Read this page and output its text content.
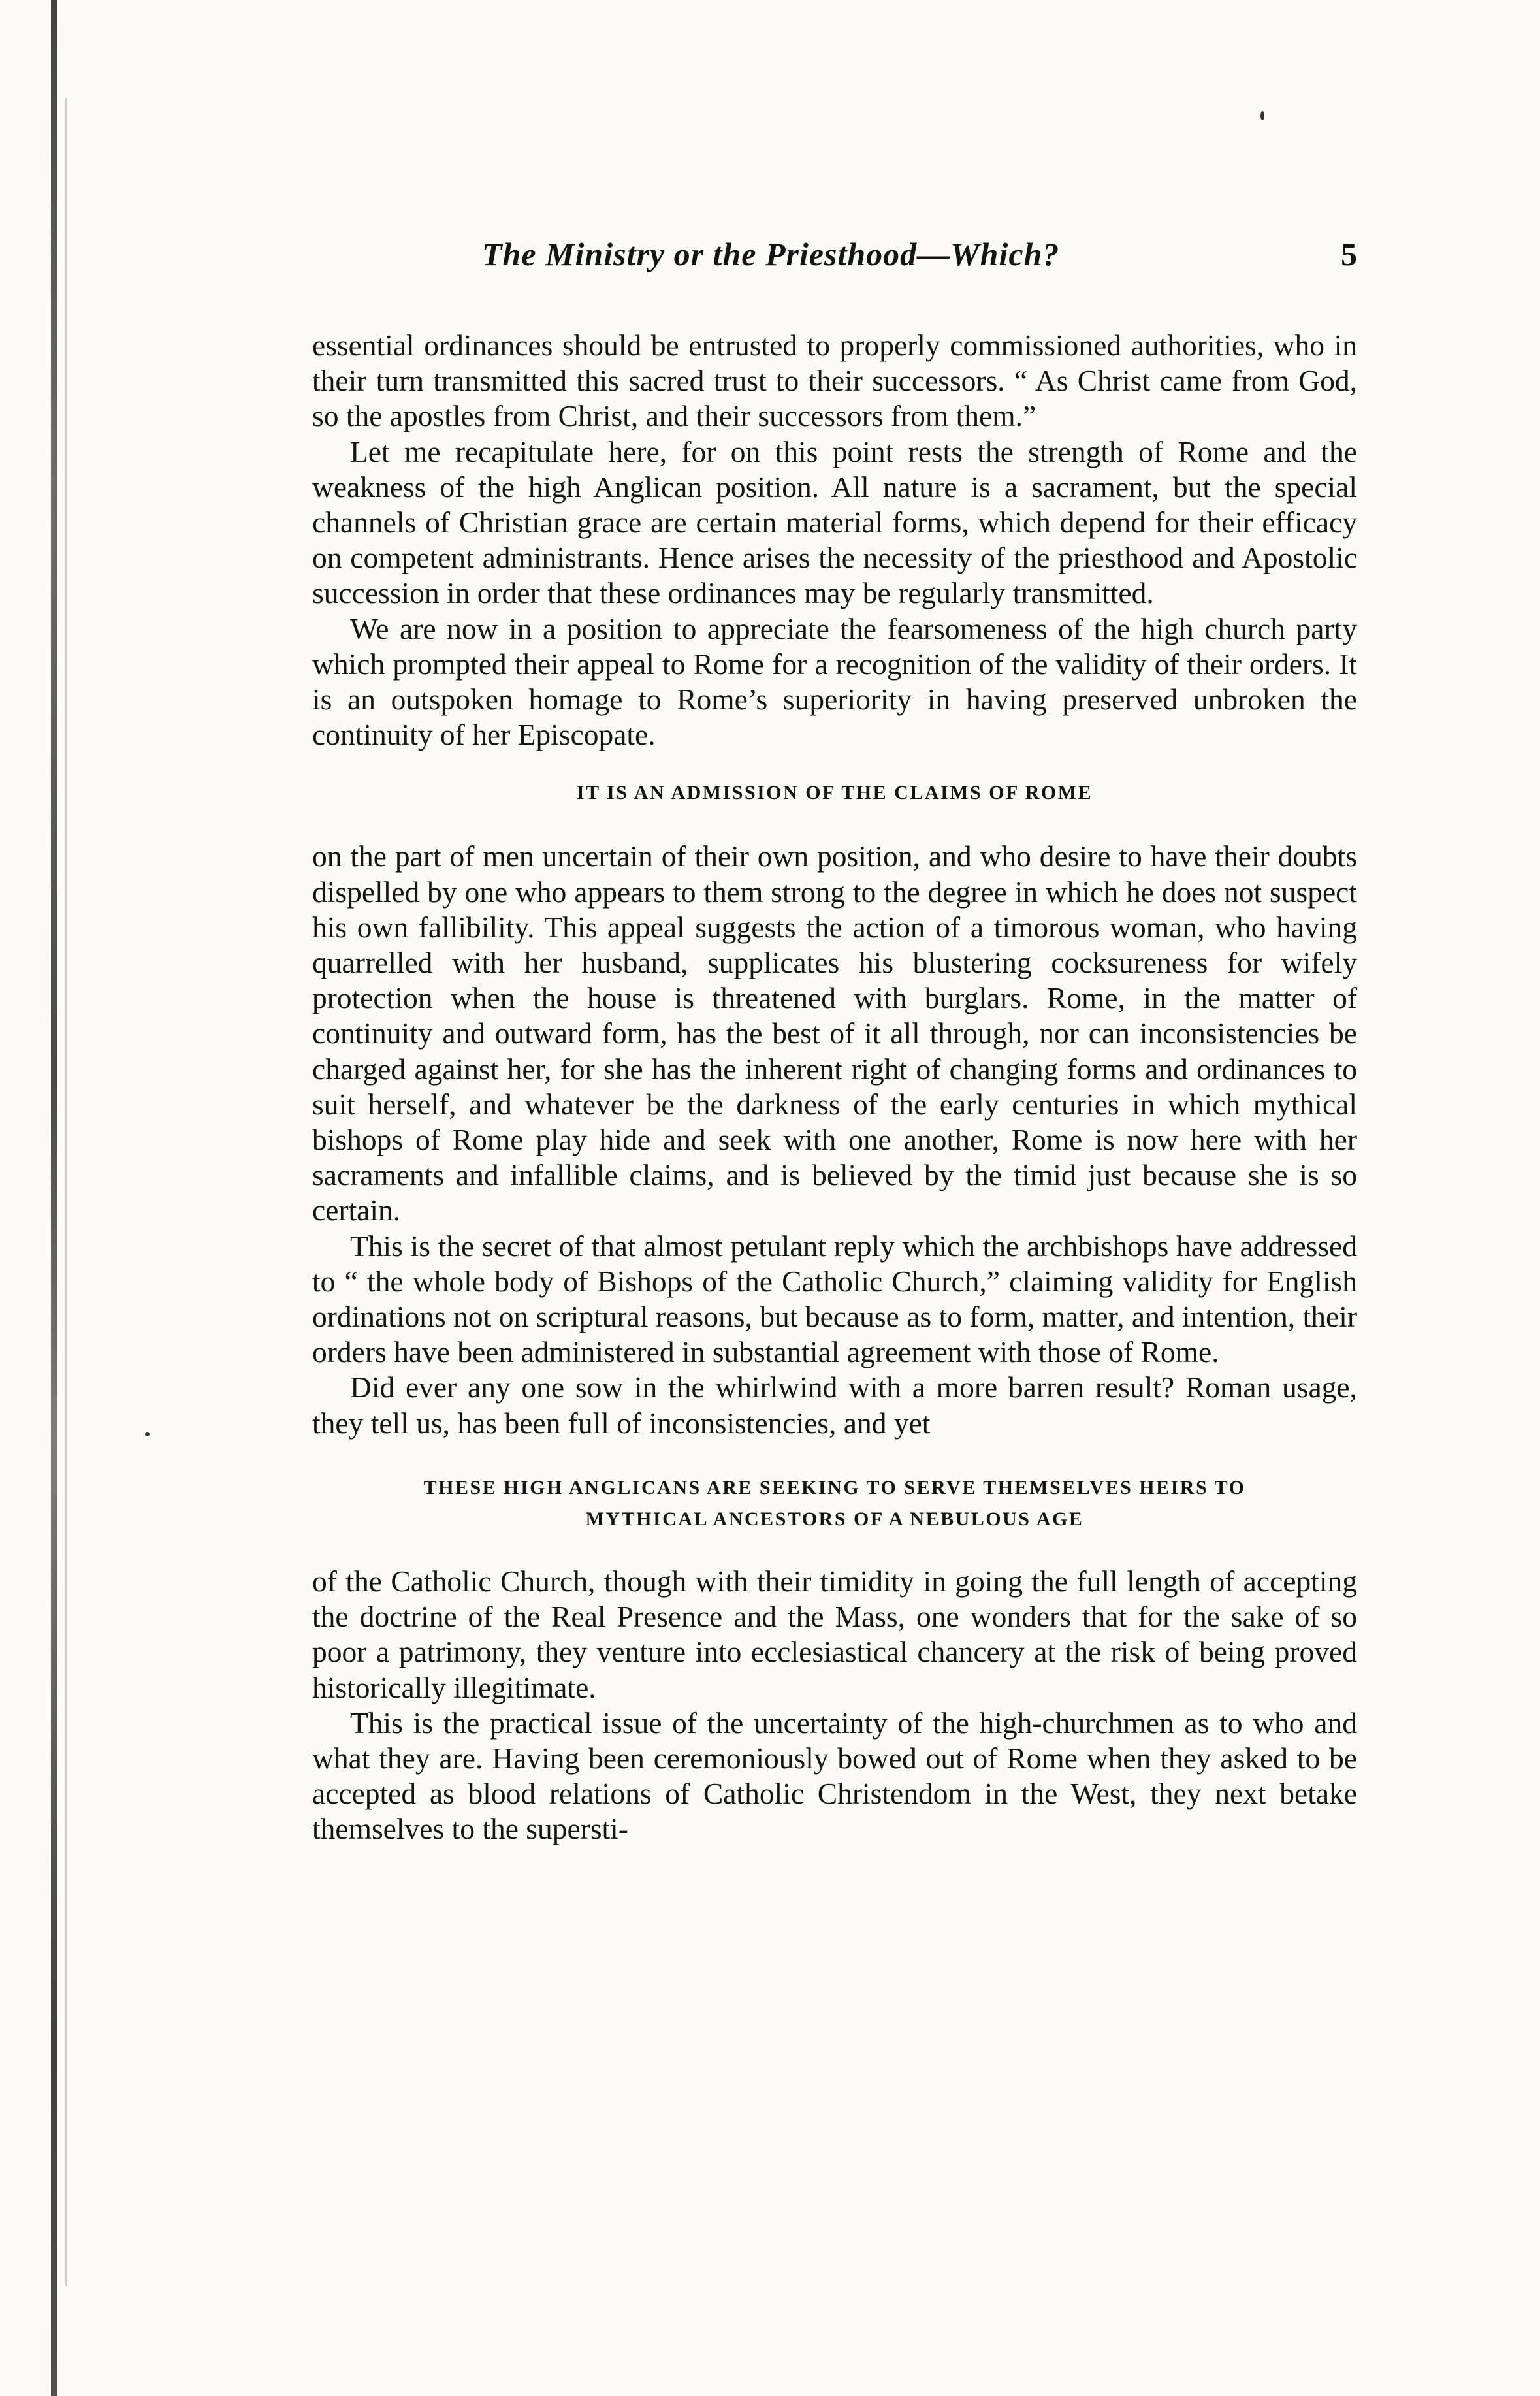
The Ministry or the Priesthood—Which?	5

essential ordinances should be entrusted to properly commissioned authorities, who in their turn transmitted this sacred trust to their successors. “ As Christ came from God, so the apostles from Christ, and their successors from them.”

Let me recapitulate here, for on this point rests the strength of Rome and the weakness of the high Anglican position. All nature is a sacrament, but the special channels of Christian grace are certain material forms, which depend for their efficacy on competent administrants. Hence arises the necessity of the priesthood and Apostolic succession in order that these ordinances may be regularly transmitted.

We are now in a position to appreciate the fearsomeness of the high church party which prompted their appeal to Rome for a recognition of the validity of their orders. It is an outspoken homage to Rome’s superiority in having preserved unbroken the continuity of her Episcopate.

IT IS AN ADMISSION OF THE CLAIMS OF ROME

on the part of men uncertain of their own position, and who desire to have their doubts dispelled by one who appears to them strong to the degree in which he does not suspect his own fallibility. This appeal suggests the action of a timorous woman, who having quarrelled with her husband, supplicates his blustering cocksureness for wifely protection when the house is threatened with burglars. Rome, in the matter of continuity and outward form, has the best of it all through, nor can inconsistencies be charged against her, for she has the inherent right of changing forms and ordinances to suit herself, and whatever be the darkness of the early centuries in which mythical bishops of Rome play hide and seek with one another, Rome is now here with her sacraments and infallible claims, and is believed by the timid just because she is so certain.

This is the secret of that almost petulant reply which the archbishops have addressed to “ the whole body of Bishops of the Catholic Church,” claiming validity for English ordinations not on scriptural reasons, but because as to form, matter, and intention, their orders have been administered in substantial agreement with those of Rome.

Did ever any one sow in the whirlwind with a more barren result? Roman usage, they tell us, has been full of inconsistencies, and yet

THESE HIGH ANGLICANS ARE SEEKING TO SERVE THEMSELVES HEIRS TO
MYTHICAL ANCESTORS OF A NEBULOUS AGE

of the Catholic Church, though with their timidity in going the full length of accepting the doctrine of the Real Presence and the Mass, one wonders that for the sake of so poor a patrimony, they venture into ecclesiastical chancery at the risk of being proved historically illegitimate.

This is the practical issue of the uncertainty of the high-churchmen as to who and what they are. Having been ceremoniously bowed out of Rome when they asked to be accepted as blood relations of Catholic Christendom in the West, they next betake themselves to the supersti-
